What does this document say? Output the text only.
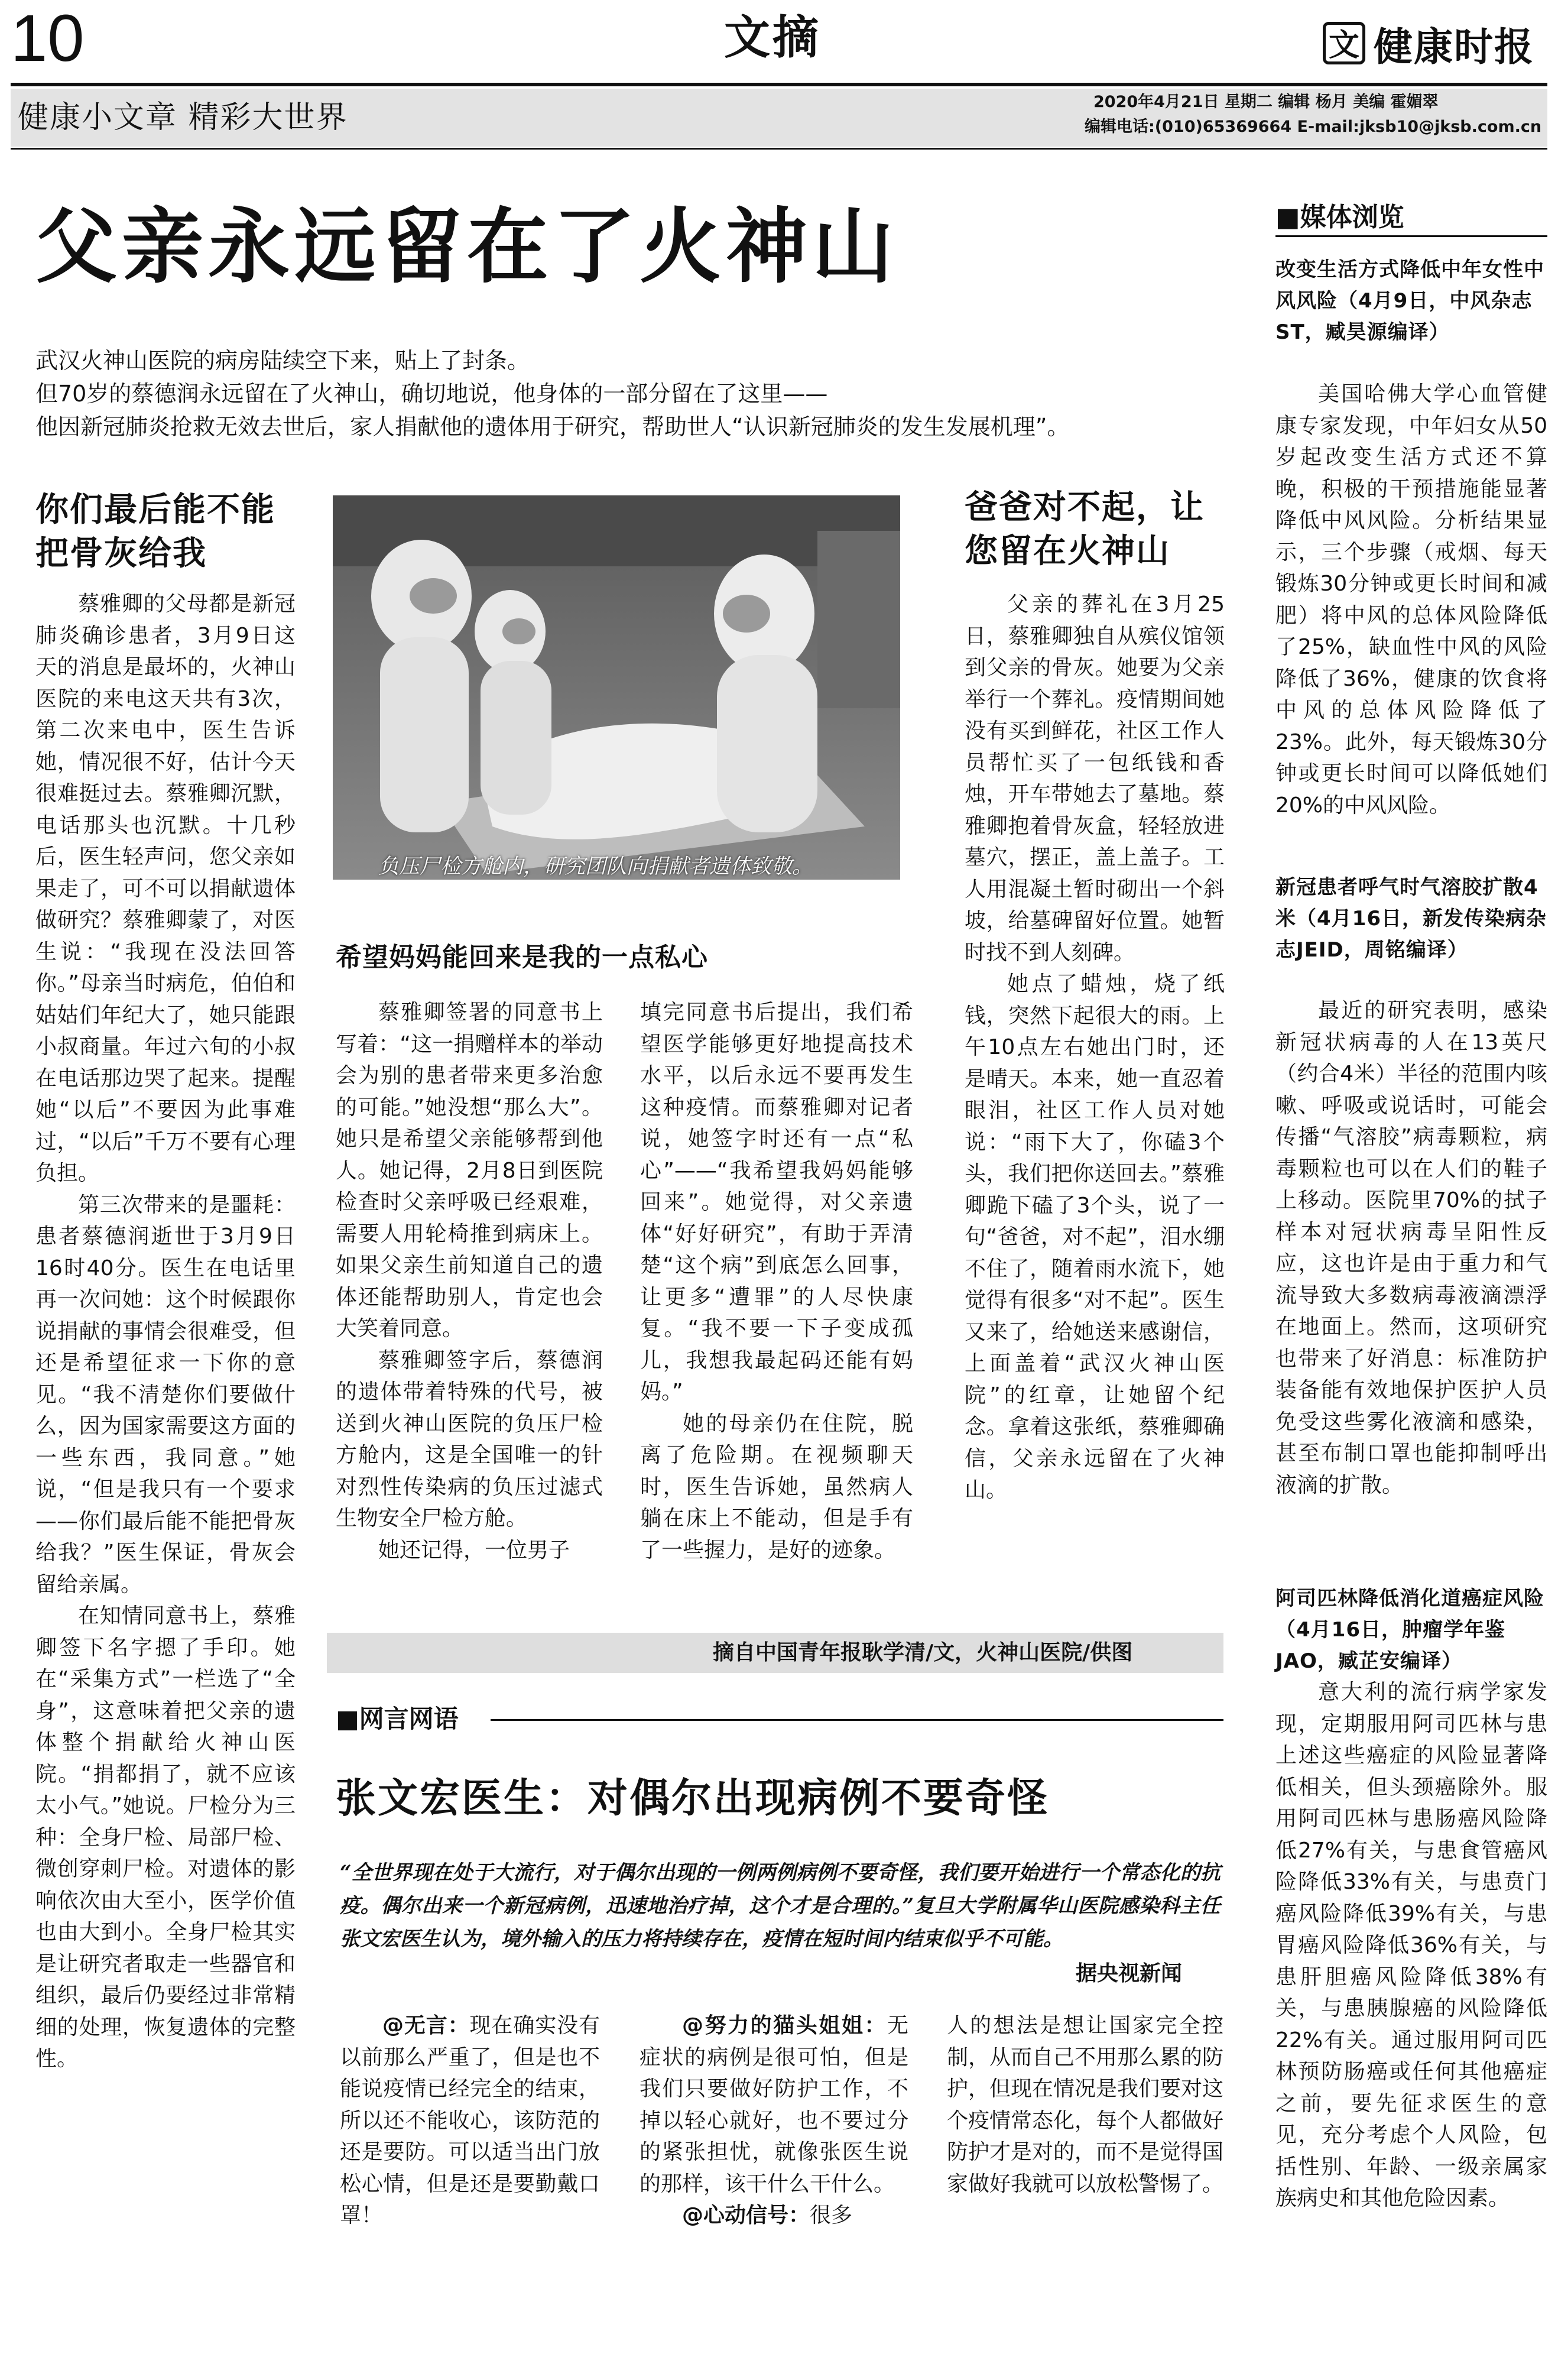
10	文摘	文 健康时报
健康小文章 精彩大世界	2020年4月21日 星期二 编辑 杨月 美编 霍媚翠
编辑电话:(010)65369664 E-mail:jksb10@jksb.com.cn
父亲永远留在了火神山
武汉火神山医院的病房陆续空下来，贴上了封条。
但70岁的蔡德润永远留在了火神山，确切地说，他身体的一部分留在了这里——
他因新冠肺炎抢救无效去世后，家人捐献他的遗体用于研究，帮助世人“认识新冠肺炎的发生发展机理”。
你们最后能不能把骨灰给我

蔡雅卿的父母都是新冠肺炎确诊患者，3月9日这天的消息是最坏的，火神山医院的来电这天共有3次，第二次来电中，医生告诉她，情况很不好，估计今天很难挺过去。蔡雅卿沉默，电话那头也沉默。十几秒后，医生轻声问，您父亲如果走了，可不可以捐献遗体做研究？蔡雅卿蒙了，对医生说：“我现在没法回答你。”母亲当时病危，伯伯和姑姑们年纪大了，她只能跟小叔商量。年过六旬的小叔在电话那边哭了起来。提醒她“以后”不要因为此事难过，“以后”千万不要有心理负担。

第三次带来的是噩耗：患者蔡德润逝世于3月9日16时40分。医生在电话里再一次问她：这个时候跟你说捐献的事情会很难受，但还是希望征求一下你的意见。“我不清楚你们要做什么，因为国家需要这方面的一些东西，我同意。”她说，“但是我只有一个要求——你们最后能不能把骨灰给我？”医生保证，骨灰会留给亲属。

在知情同意书上，蔡雅卿签下名字摁了手印。她在“采集方式”一栏选了“全身”，这意味着把父亲的遗体整个捐献给火神山医院。“捐都捐了，就不应该太小气。”她说。尸检分为三种：全身尸检、局部尸检、微创穿刺尸检。对遗体的影响依次由大至小，医学价值也由大到小。全身尸检其实是让研究者取走一些器官和组织，最后仍要经过非常精细的处理，恢复遗体的完整性。

负压尸检方舱内，研究团队向捐献者遗体致敬。
希望妈妈能回来是我的一点私心

蔡雅卿签署的同意书上写着：“这一捐赠样本的举动会为别的患者带来更多治愈的可能。”她没想“那么大”。她只是希望父亲能够帮到他人。她记得，2月8日到医院检查时父亲呼吸已经艰难，需要人用轮椅推到病床上。如果父亲生前知道自己的遗体还能帮助别人，肯定也会大笑着同意。

蔡雅卿签字后，蔡德润的遗体带着特殊的代号，被送到火神山医院的负压尸检方舱内，这是全国唯一的针对烈性传染病的负压过滤式生物安全尸检方舱。

她还记得，一位男子

填完同意书后提出，我们希望医学能够更好地提高技术水平，以后永远不要再发生这种疫情。而蔡雅卿对记者说，她签字时还有一点“私心”——“我希望我妈妈能够回来”。她觉得，对父亲遗体“好好研究”，有助于弄清楚“这个病”到底怎么回事，让更多“遭罪”的人尽快康复。“我不要一下子变成孤儿，我想我最起码还能有妈妈。”

她的母亲仍在住院，脱离了危险期。在视频聊天时，医生告诉她，虽然病人躺在床上不能动，但是手有了一些握力，是好的迹象。

爸爸对不起，让您留在火神山

父亲的葬礼在3月25日，蔡雅卿独自从殡仪馆领到父亲的骨灰。她要为父亲举行一个葬礼。疫情期间她没有买到鲜花，社区工作人员帮忙买了一包纸钱和香烛，开车带她去了墓地。蔡雅卿抱着骨灰盒，轻轻放进墓穴，摆正，盖上盖子。工人用混凝土暂时砌出一个斜坡，给墓碑留好位置。她暂时找不到人刻碑。

她点了蜡烛，烧了纸钱，突然下起很大的雨。上午10点左右她出门时，还是晴天。本来，她一直忍着眼泪，社区工作人员对她说：“雨下大了，你磕3个头，我们把你送回去。”蔡雅卿跪下磕了3个头，说了一句“爸爸，对不起”，泪水绷不住了，随着雨水流下，她觉得有很多“对不起”。医生又来了，给她送来感谢信，上面盖着“武汉火神山医院”的红章，让她留个纪念。拿着这张纸，蔡雅卿确信，父亲永远留在了火神山。

摘自中国青年报耿学清/文，火神山医院/供图
■网言网语
张文宏医生：对偶尔出现病例不要奇怪
“全世界现在处于大流行，对于偶尔出现的一例两例病例不要奇怪，我们要开始进行一个常态化的抗疫。偶尔出来一个新冠病例，迅速地治疗掉，这个才是合理的。”复旦大学附属华山医院感染科主任张文宏医生认为，境外输入的压力将持续存在，疫情在短时间内结束似乎不可能。
据央视新闻

@无言：现在确实没有以前那么严重了，但是也不能说疫情已经完全的结束，所以还不能收心，该防范的还是要防。可以适当出门放松心情，但是还是要勤戴口罩！

@努力的猫头姐姐：无症状的病例是很可怕，但是我们只要做好防护工作，不掉以轻心就好，也不要过分的紧张担忧，就像张医生说的那样，该干什么干什么。

@心动信号：很多

人的想法是想让国家完全控制，从而自己不用那么累的防护，但现在情况是我们要对这个疫情常态化，每个人都做好防护才是对的，而不是觉得国家做好我就可以放松警惕了。

■媒体浏览
改变生活方式降低中年女性中风风险（4月9日，中风杂志ST，臧昊源编译）

美国哈佛大学心血管健康专家发现，中年妇女从50岁起改变生活方式还不算晚，积极的干预措施能显著降低中风风险。分析结果显示，三个步骤（戒烟、每天锻炼30分钟或更长时间和减肥）将中风的总体风险降低了25%，缺血性中风的风险降低了36%，健康的饮食将中风的总体风险降低了23%。此外，每天锻炼30分钟或更长时间可以降低她们20%的中风风险。

新冠患者呼气时气溶胶扩散4米（4月16日，新发传染病杂志JEID，周铭编译）

最近的研究表明，感染新冠状病毒的人在13英尺（约合4米）半径的范围内咳嗽、呼吸或说话时，可能会传播“气溶胶”病毒颗粒，病毒颗粒也可以在人们的鞋子上移动。医院里70%的拭子样本对冠状病毒呈阳性反应，这也许是由于重力和气流导致大多数病毒液滴漂浮在地面上。然而，这项研究也带来了好消息：标准防护装备能有效地保护医护人员免受这些雾化液滴和感染，甚至布制口罩也能抑制呼出液滴的扩散。

阿司匹林降低消化道癌症风险（4月16日，肿瘤学年鉴JAO，臧芷安编译）

意大利的流行病学家发现，定期服用阿司匹林与患上述这些癌症的风险显著降低相关，但头颈癌除外。服用阿司匹林与患肠癌风险降低27%有关，与患食管癌风险降低33%有关，与患贲门癌风险降低39%有关，与患胃癌风险降低36%有关，与患肝胆癌风险降低38%有关，与患胰腺癌的风险降低22%有关。通过服用阿司匹林预防肠癌或任何其他癌症之前，要先征求医生的意见，充分考虑个人风险，包括性别、年龄、一级亲属家族病史和其他危险因素。
